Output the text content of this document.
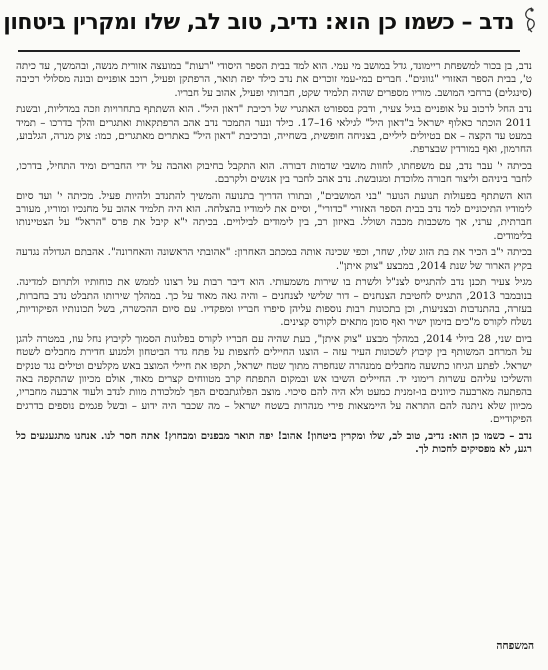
נדב – כשמו כן הוא: נדיב, טוב לב, שלו ומקרין ביטחון

נדב, בן בכור למשפחת ריימונד, גדל במושב מי עמי. הוא למד בבית הספר היסודי "רעות" במועצה אזורית מנשה, ובהמשך, עד כיתה ט', בבית הספר האזורי "גוונים". חברים במי-עמי זוכרים את נדב כילד יפה תואר, הרפתקן ופעיל, רוכב אופניים ובונה מסלולי רכיבה (סינגלים) ברחבי המושב. מוריו מספרים שהיה תלמיד שקט, חברותי ופעיל, אהוב על חבריו.

נדב החל לרכוב על אופניים בגיל צעיר, ודבק בספורט האתגרי של רכיבת "דאון היל". הוא השתתף בתחרויות וזכה במדליות, ובשנת 2011 הוכתר כאלוף ישראל ב"דאון היל" לגילאי 16–17. כילד ונער התמכר נדב אהב הרפתקאות ואתגרים והלך בדרכו – תמיד במעט עד הקצה – אם בטיולים ליליים, בצניחה חופשית, בשחייה, וברכיבת "דאון היל" באתרים מאתגרים, כמו: צוק מנרה, הגלבוע, החרמון, ואף במורדין שבצרפת.

בכיתה י' עבר נדב, עם משפחתו, לחוות מושבי שדמות דבורה. הוא התקבל בחיבוק ואהבה על ידי החברים ומיד התחיל, בדרכו, לחבר ביניהם וליצור חבורה מלוכדת ומגובשת. נדב אהב לחבר בין אנשים ולקרבם.

הוא השתתף בפעולות תנועת הנוער "בני המושבים", ובתורו הדריך בתנועה והמשיך להתנדב ולהיות פעיל. מכיתה י' ועד סיום לימודיו התיכוניים למד נדב בבית הספר האזורי "כדורי", וסיים את לימודיו בהצלחה. הוא היה תלמיד אהוב על מחנכיו ומוריו, מעורב חברתית, ערני, אך משכבות מכבה ושולל. באיזון רב, בין לימודים לבילויים. בכיתה י"א קיבל את פרס "הראל" על הצטיינותו בלימודים.

בכיתה י"ב הכיר את בת הזוג שלו, שחר, וכפי שכינה אותה במכתב האחרון: "אהובתי הראשונה והאחרונה". אהבתם הגדולה נגדעה בקיץ הארור של שנת 2014, במבצע "צוק איתן".

מגיל צעיר תכנן נדב להתגייס לצנ"ל ולשרת בו שירות משמעותי. הוא דיבר רבות על רצונו לממש את כוחותיו ולתרום למדינה. בנובמבר 2013, התגייס לחטיבת הצנחנים – דור שלישי לצנחנים – והיה גאה מאוד על כך. במהלך שירותו התבלט נדב בחברות, בעזרה, בהתנדבות ובצניעות, וכן בתכונות רבות נוספות עליהן סיפרו חבריו ומפקדיו. עם סיום ההכשרה, בשל תכונותיו הפיקודיות, נשלח לקורס מ"כים בזימון ישיר ואף סומן מתאים לקורס קצינים.

ביום שני, 28 ביולי 2014, במהלך מבצע "צוק איתן", בעת שהיה עם חבריו לקורס בפלוגות הסמוך לקיבוץ נחל עוז, במטרה להגן על המרחב המשותף בין קיבוץ לשכונות העיר עזה – הוצגו החיילים לחצפות על פתח גדר הביטחון ולמנוע חדירת מחבלים לשטח ישראל. לפתע הגיחו כתשעה מחבלים ממנהרה שנחפרה מתוך שטח ישראל, תקפו את חיילי המוצב באש מקלעים וטילים נגד טנקים והשליכו עליהם עשרות רימוני יד. החיילים השיבו אש ובמקום התפתח קרב מטווחים קצרים מאוד, אולם מכיוון שהתקפה באה בהפתעה מארבעה כיוונים בו-זמנית כמעט ולא היה להם סיכוי. מוצב הפלוגתבסים הפך למלכודת מוות לנדב ולעוד ארבעה מחבריו, מכיוון שלא ניתנה להם התראה על היימצאות פירי מנהרות בשטח ישראל – מה שכבר היה ידוע – ובשל פגמים נוספים בדרגים הפיקודיים.

נדב – כשמו כן הוא: נדיב, טוב לב, שלו ומקרין ביטחון! אהוב! יפה תואר מבפנים ומבחוץ! אתה חסר לנו. אנחנו מתגעגעים כל רגע, לא מפסיקים לחכות לך.

המשפחה
